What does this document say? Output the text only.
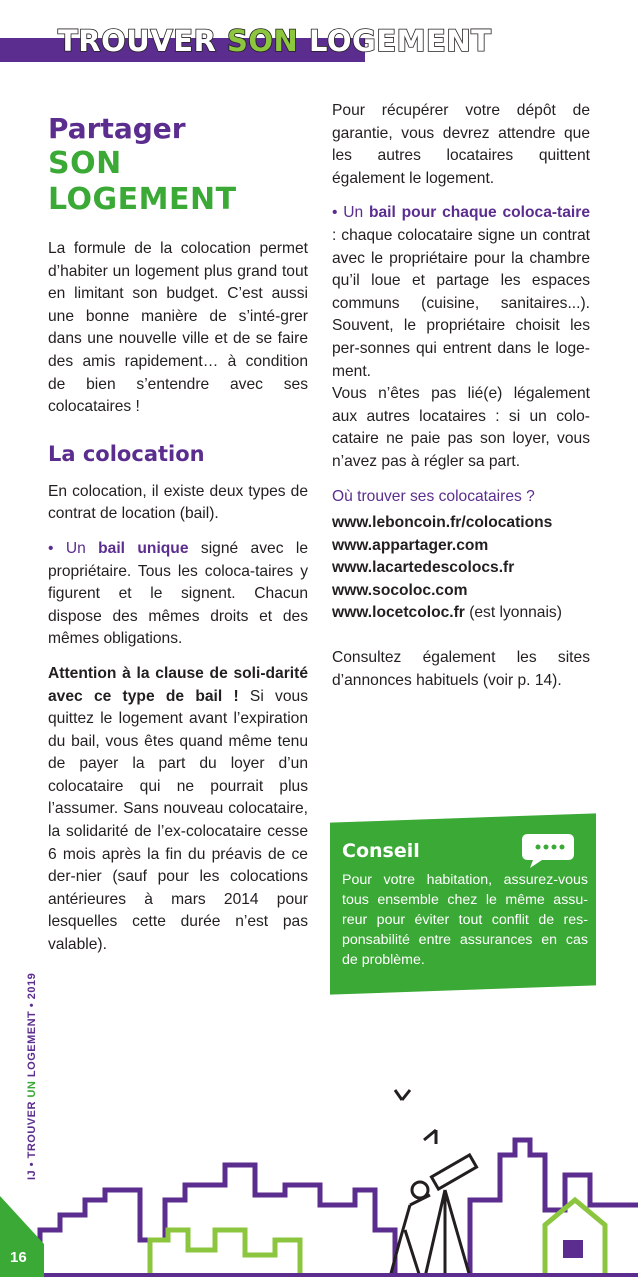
TROUVER SON LOGEMENT
Partager
SON LOGEMENT

La formule de la colocation permet d’habiter un logement plus grand tout en limitant son budget. C’est aussi une bonne manière de s’inté-grer dans une nouvelle ville et de se faire des amis rapidement… à condition de bien s’entendre avec ses colocataires !

La colocation

En colocation, il existe deux types de contrat de location (bail).

• Un bail unique signé avec le propriétaire. Tous les coloca-taires y figurent et le signent. Chacun dispose des mêmes droits et des mêmes obligations.

Attention à la clause de soli-darité avec ce type de bail ! Si vous quittez le logement avant l’expiration du bail, vous êtes quand même tenu de payer la part du loyer d’un colocataire qui ne pourrait plus l’assumer. Sans nouveau colocataire, la solidarité de l’ex-colocataire cesse 6 mois après la fin du préavis de ce der-nier (sauf pour les colocations antérieures à mars 2014 pour lesquelles cette durée n’est pas valable).

Pour récupérer votre dépôt de garantie, vous devrez attendre que les autres locataires quittent également le logement.

• Un bail pour chaque coloca-taire : chaque colocataire signe un contrat avec le propriétaire pour la chambre qu’il loue et partage les espaces communs (cuisine, sanitaires...). Souvent, le propriétaire choisit les per-sonnes qui entrent dans le loge-ment.

Vous n’êtes pas lié(e) légalement aux autres locataires : si un colo-cataire ne paie pas son loyer, vous n’avez pas à régler sa part.

Où trouver ses colocataires ?

www.leboncoin.fr/colocations

www.appartager.com

www.lacartedescolocs.fr

www.socoloc.com

www.locetcoloc.fr (est lyonnais)

Consultez également les sites d’annonces habituels (voir p. 14).

Conseil

Pour votre habitation, assurez-vous tous ensemble chez le même assu-reur pour éviter tout conflit de res-ponsabilité entre assurances en cas de problème.

IJ • TROUVER UN LOGEMENT • 2019
16
